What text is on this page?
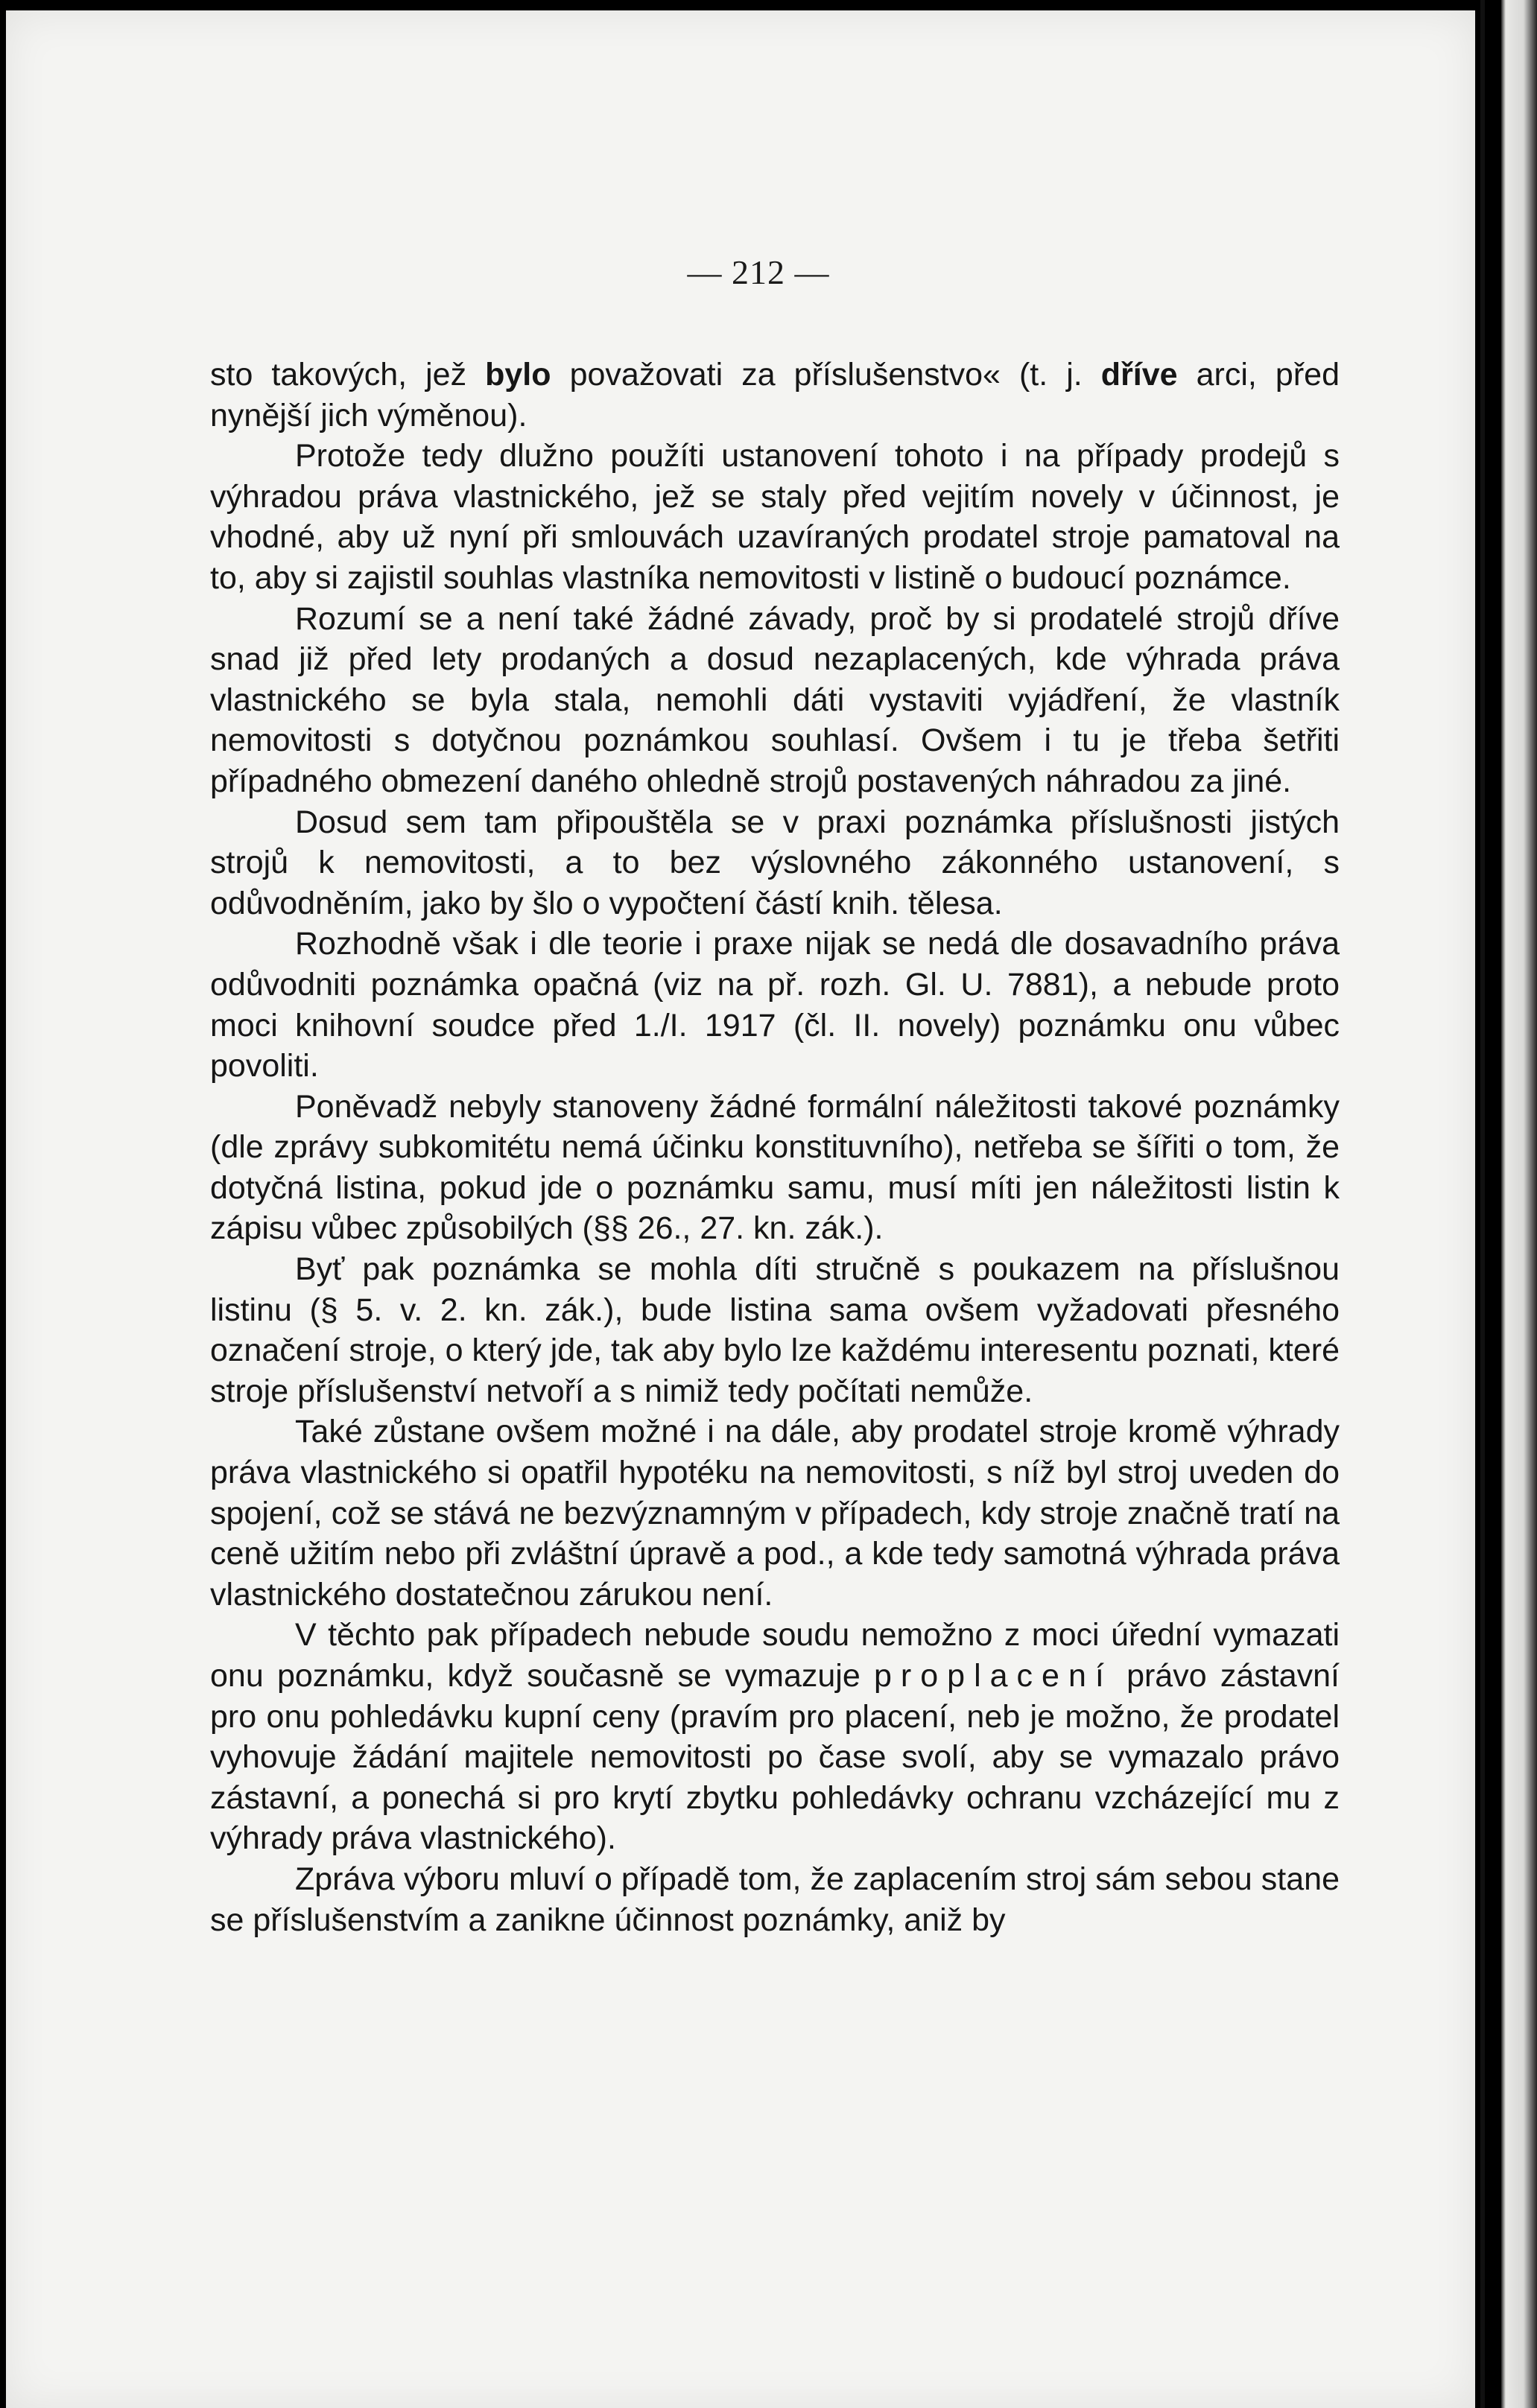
— 212 —

sto takových, jež bylo považovati za příslušenstvo« (t. j. dříve arci, před nynější jich výměnou).

Protože tedy dlužno použíti ustanovení tohoto i na případy prodejů s výhradou práva vlastnického, jež se staly před vejitím novely v účinnost, je vhodné, aby už nyní při smlouvách uzavíraných prodatel stroje pamatoval na to, aby si zajistil souhlas vlastníka nemovitosti v listině o budoucí poznámce.

Rozumí se a není také žádné závady, proč by si prodatelé strojů dříve snad již před lety prodaných a dosud nezaplacených, kde výhrada práva vlastnického se byla stala, nemohli dáti vystaviti vyjádření, že vlastník nemovitosti s dotyčnou poznámkou souhlasí. Ovšem i tu je třeba šetřiti případného obmezení daného ohledně strojů postavených náhradou za jiné.

Dosud sem tam připouštěla se v praxi poznámka příslušnosti jistých strojů k nemovitosti, a to bez výslovného zákonného ustanovení, s odůvodněním, jako by šlo o vypočtení částí knih. tělesa.

Rozhodně však i dle teorie i praxe nijak se nedá dle dosavadního práva odůvodniti poznámka opačná (viz na př. rozh. Gl. U. 7881), a nebude proto moci knihovní soudce před 1./I. 1917 (čl. II. novely) poznámku onu vůbec povoliti.

Poněvadž nebyly stanoveny žádné formální náležitosti takové poznámky (dle zprávy subkomitétu nemá účinku konstituvního), netřeba se šířiti o tom, že dotyčná listina, pokud jde o poznámku samu, musí míti jen náležitosti listin k zápisu vůbec způsobilých (§§ 26., 27. kn. zák.).

Byť pak poznámka se mohla díti stručně s poukazem na příslušnou listinu (§ 5. v. 2. kn. zák.), bude listina sama ovšem vyžadovati přesného označení stroje, o který jde, tak aby bylo lze každému interesentu poznati, které stroje příslušenství netvoří a s nimiž tedy počítati nemůže.

Také zůstane ovšem možné i na dále, aby prodatel stroje kromě výhrady práva vlastnického si opatřil hypotéku na nemovitosti, s níž byl stroj uveden do spojení, což se stává ne bezvýznamným v případech, kdy stroje značně tratí na ceně užitím nebo při zvláštní úpravě a pod., a kde tedy samotná výhrada práva vlastnického dostatečnou zárukou není.

V těchto pak případech nebude soudu nemožno z moci úřední vymazati onu poznámku, když současně se vymazuje proplacení právo zástavní pro onu pohledávku kupní ceny (pravím pro placení, neb je možno, že prodatel vyhovuje žádání majitele nemovitosti po čase svolí, aby se vymazalo právo zástavní, a ponechá si pro krytí zbytku pohledávky ochranu vzcházející mu z výhrady práva vlastnického).

Zpráva výboru mluví o případě tom, že zaplacením stroj sám sebou stane se příslušenstvím a zanikne účinnost poznámky, aniž by
